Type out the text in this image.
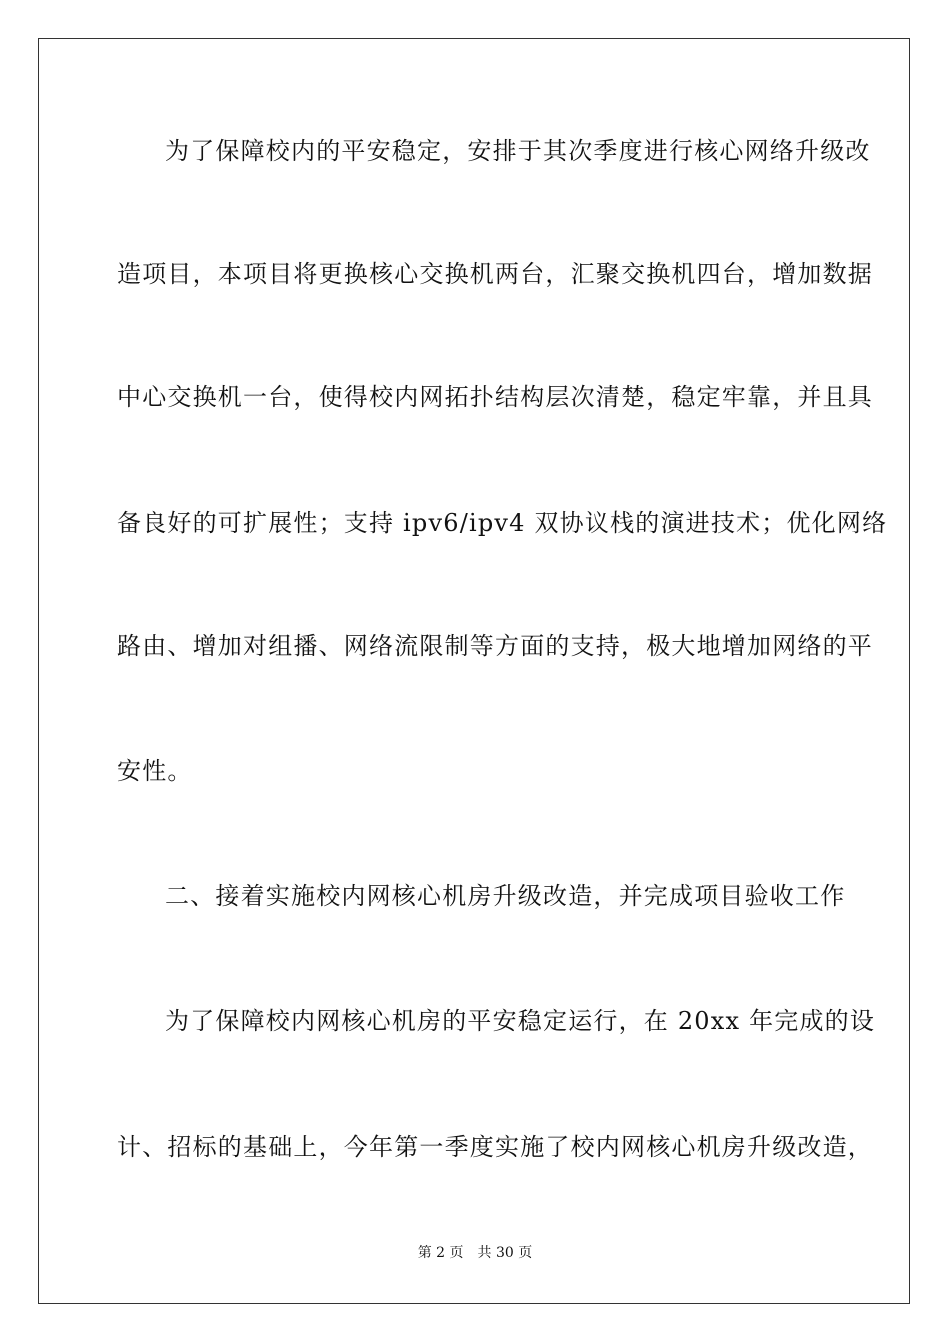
为了保障校内的平安稳定，安排于其次季度进行核心网络升级改
造项目，本项目将更换核心交换机两台，汇聚交换机四台，增加数据
中心交换机一台，使得校内网拓扑结构层次清楚，稳定牢靠，并且具
备良好的可扩展性；支持 ipv6/ipv4 双协议栈的演进技术；优化网络
路由、增加对组播、网络流限制等方面的支持，极大地增加网络的平
安性。
二、接着实施校内网核心机房升级改造，并完成项目验收工作
为了保障校内网核心机房的平安稳定运行，在 20xx 年完成的设
计、招标的基础上，今年第一季度实施了校内网核心机房升级改造，
第 2 页 共 30 页
